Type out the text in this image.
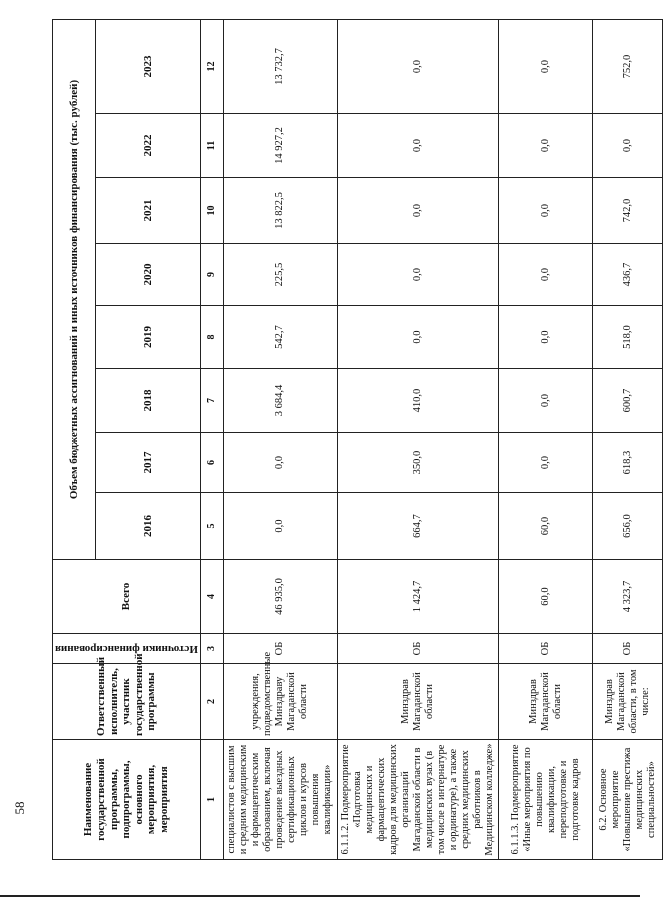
58	Наименование государственной программы, подпрограммы, основного мероприятия, мероприятия	Ответственный исполнитель, участник государственной программы	Источники финансирования	Всего	Объем бюджетных ассигнований и иных источников финансирования (тыс. рублей)							
				2016	2017	2018	2019	2020	2021	2022	2023
1	2	3	4	5	6	7	8	9	10	11	12
специалистов с высшим и средним медицинским и фармацевтическим образованием, включая проведение выездных сертификационных циклов и курсов повышения квалификации»	учреждения, подведомственные Минздраву Магаданской области	ОБ	46 935,0	0,0	0,0	3 684,4	542,7	225,5	13 822,5	14 927,2	13 732,7
6.1.1.2. Подмероприятие «Подготовка медицинских и фармацевтических кадров для медицинских организаций Магаданской области в медицинских вузах (в том числе в интернатуре и ординатуре), а также средних медицинских работников в Медицинском колледже»	Минздрав Магаданской области	ОБ	1 424,7	664,7	350,0	410,0	0,0	0,0	0,0	0,0	0,0
6.1.1.3. Подмероприятие «Иные мероприятия по повышению квалификации, переподготовке и подготовке кадров	Минздрав Магаданской области	ОБ	60,0	60,0	0,0	0,0	0,0	0,0	0,0	0,0	0,0
6.2. Основное мероприятие «Повышение престижа медицинских специальностей»	Минздрав Магаданской области, в том числе:	ОБ	4 323,7	656,0	618,3	600,7	518,0	436,7	742,0	0,0	752,0
